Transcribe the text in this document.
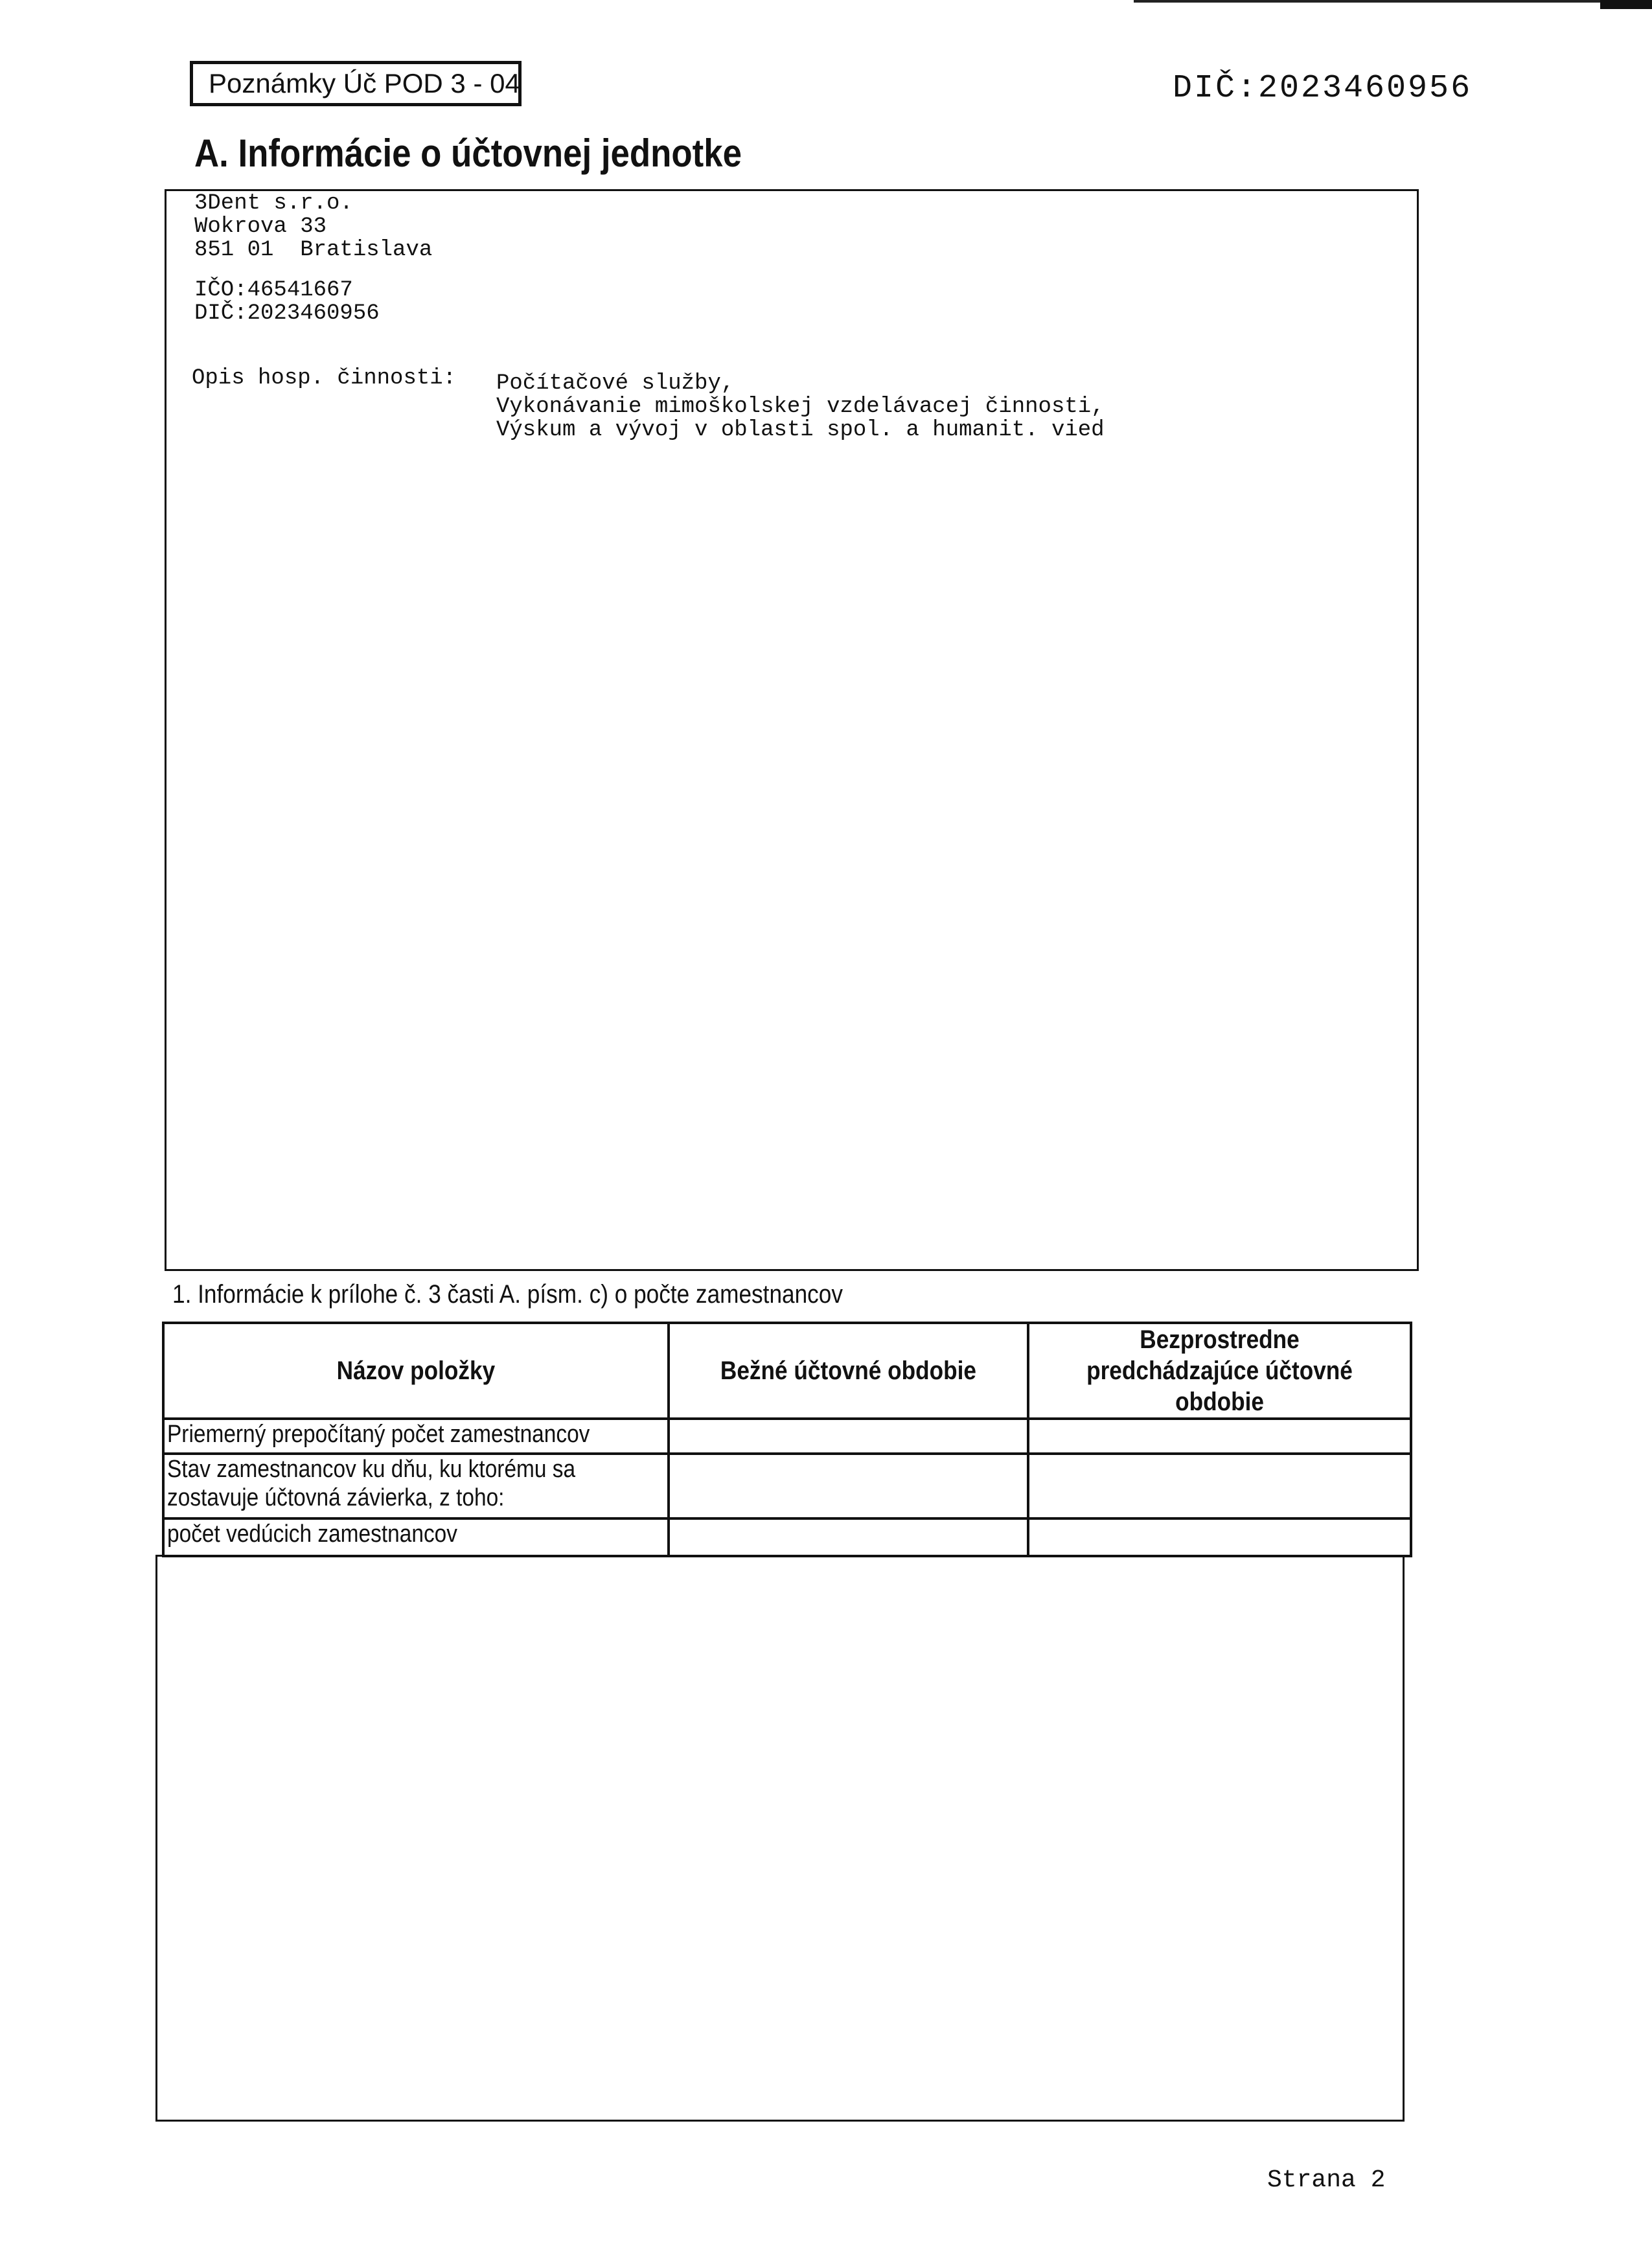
Poznámky Úč POD 3 - 04	DIČ:2023460956
A. Informácie o účtovnej jednotke
3Dent s.r.o.
Wokrova 33
851 01  Bratislava
IČO:46541667
DIČ:2023460956
Opis hosp. činnosti: Počítačové služby,
Vykonávanie mimoškolskej vzdelávacej činnosti,
Výskum a vývoj v oblasti spol. a humanit. vied
1. Informácie k prílohe č. 3 časti A. písm. c) o počte zamestnancov
Názov položky	Bežné účtovné obdobie	Bezprostredne predchádzajúce účtovné obdobie
Priemerný prepočítaný počet zamestnancov		
Stav zamestnancov ku dňu, ku ktorému sa zostavuje účtovná závierka, z toho:		
počet vedúcich zamestnancov		
Strana 2
